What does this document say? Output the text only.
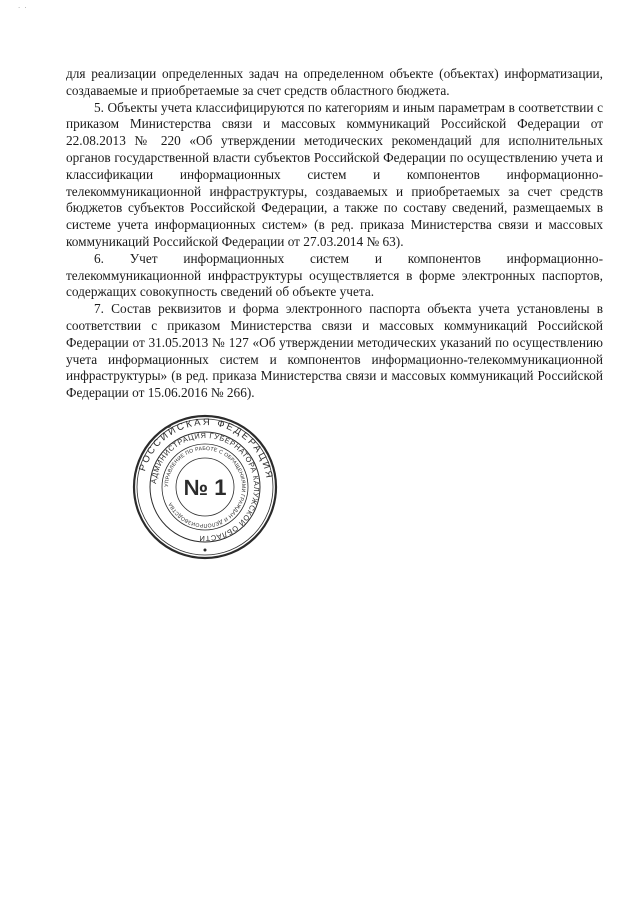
· ·

для реализации определенных задач на определенном объекте (объектах) информатизации, создаваемые и приобретаемые за счет средств областного бюджета.

5. Объекты учета классифицируются по категориям и иным параметрам в соответствии с приказом Министерства связи и массовых коммуникаций Российской Федерации от 22.08.2013 № 220 «Об утверждении методических рекомендаций для исполнительных органов государственной власти субъектов Российской Федерации по осуществлению учета и классификации информационных систем и компонентов информационно-телекоммуникационной инфраструктуры, создаваемых и приобретаемых за счет средств бюджетов субъектов Российской Федерации, а также по составу сведений, размещаемых в системе учета информационных систем» (в ред. приказа Министерства связи и массовых коммуникаций Российской Федерации от 27.03.2014 № 63).

6. Учет информационных систем и компонентов информационно-телекоммуникационной инфраструктуры осуществляется в форме электронных паспортов, содержащих совокупность сведений об объекте учета.

7. Состав реквизитов и форма электронного паспорта объекта учета установлены в соответствии с приказом Министерства связи и массовых коммуникаций Российской Федерации от 31.05.2013 № 127 «Об утверждении методических указаний по осуществлению учета информационных систем и компонентов информационно-телекоммуникационной инфраструктуры» (в ред. приказа Министерства связи и массовых коммуникаций Российской Федерации от 15.06.2016 № 266).

РОССИЙСКАЯ ФЕДЕРАЦИЯ
АДМИНИСТРАЦИЯ ГУБЕРНАТОРА КАЛУЖСКОЙ ОБЛАСТИ
УПРАВЛЕНИЕ ПО РАБОТЕ С ОБРАЩЕНИЯМИ ГРАЖДАН И ДЕЛОПРОИЗВОДСТВА
№ 1
